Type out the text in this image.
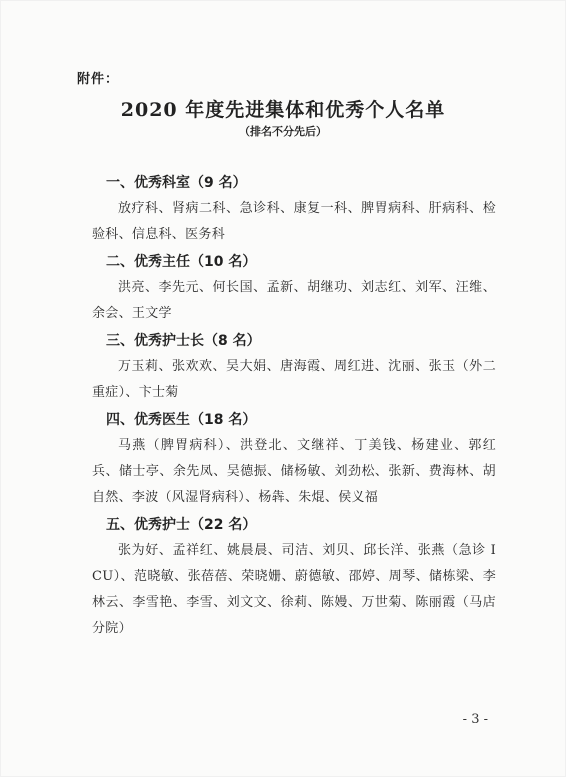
附件：
2020 年度先进集体和优秀个人名单
（排名不分先后）
一、优秀科室（9 名）
放疗科、肾病二科、急诊科、康复一科、脾胃病科、肝病科、检验科、信息科、医务科
二、优秀主任（10 名）
洪亮、李先元、何长国、孟新、胡继功、刘志红、刘军、汪维、余会、王文学
三、优秀护士长（8 名）
万玉莉、张欢欢、吴大娟、唐海霞、周红进、沈丽、张玉（外二重症）、卞士菊
四、优秀医生（18 名）
马燕（脾胃病科）、洪登北、文继祥、丁美钱、杨建业、郭红兵、储士亭、余先凤、吴德振、储杨敏、刘劲松、张新、费海林、胡自然、李波（风湿肾病科）、杨犇、朱焜、侯义福
五、优秀护士（22 名）
张为好、孟祥红、姚晨晨、司洁、刘贝、邱长洋、张燕（急诊 ICU）、范晓敏、张蓓蓓、荣晓姗、蔚德敏、邵婷、周琴、储栋梁、李林云、李雪艳、李雪、刘文文、徐莉、陈嫚、万世菊、陈丽霞（马店分院）
- 3 -
